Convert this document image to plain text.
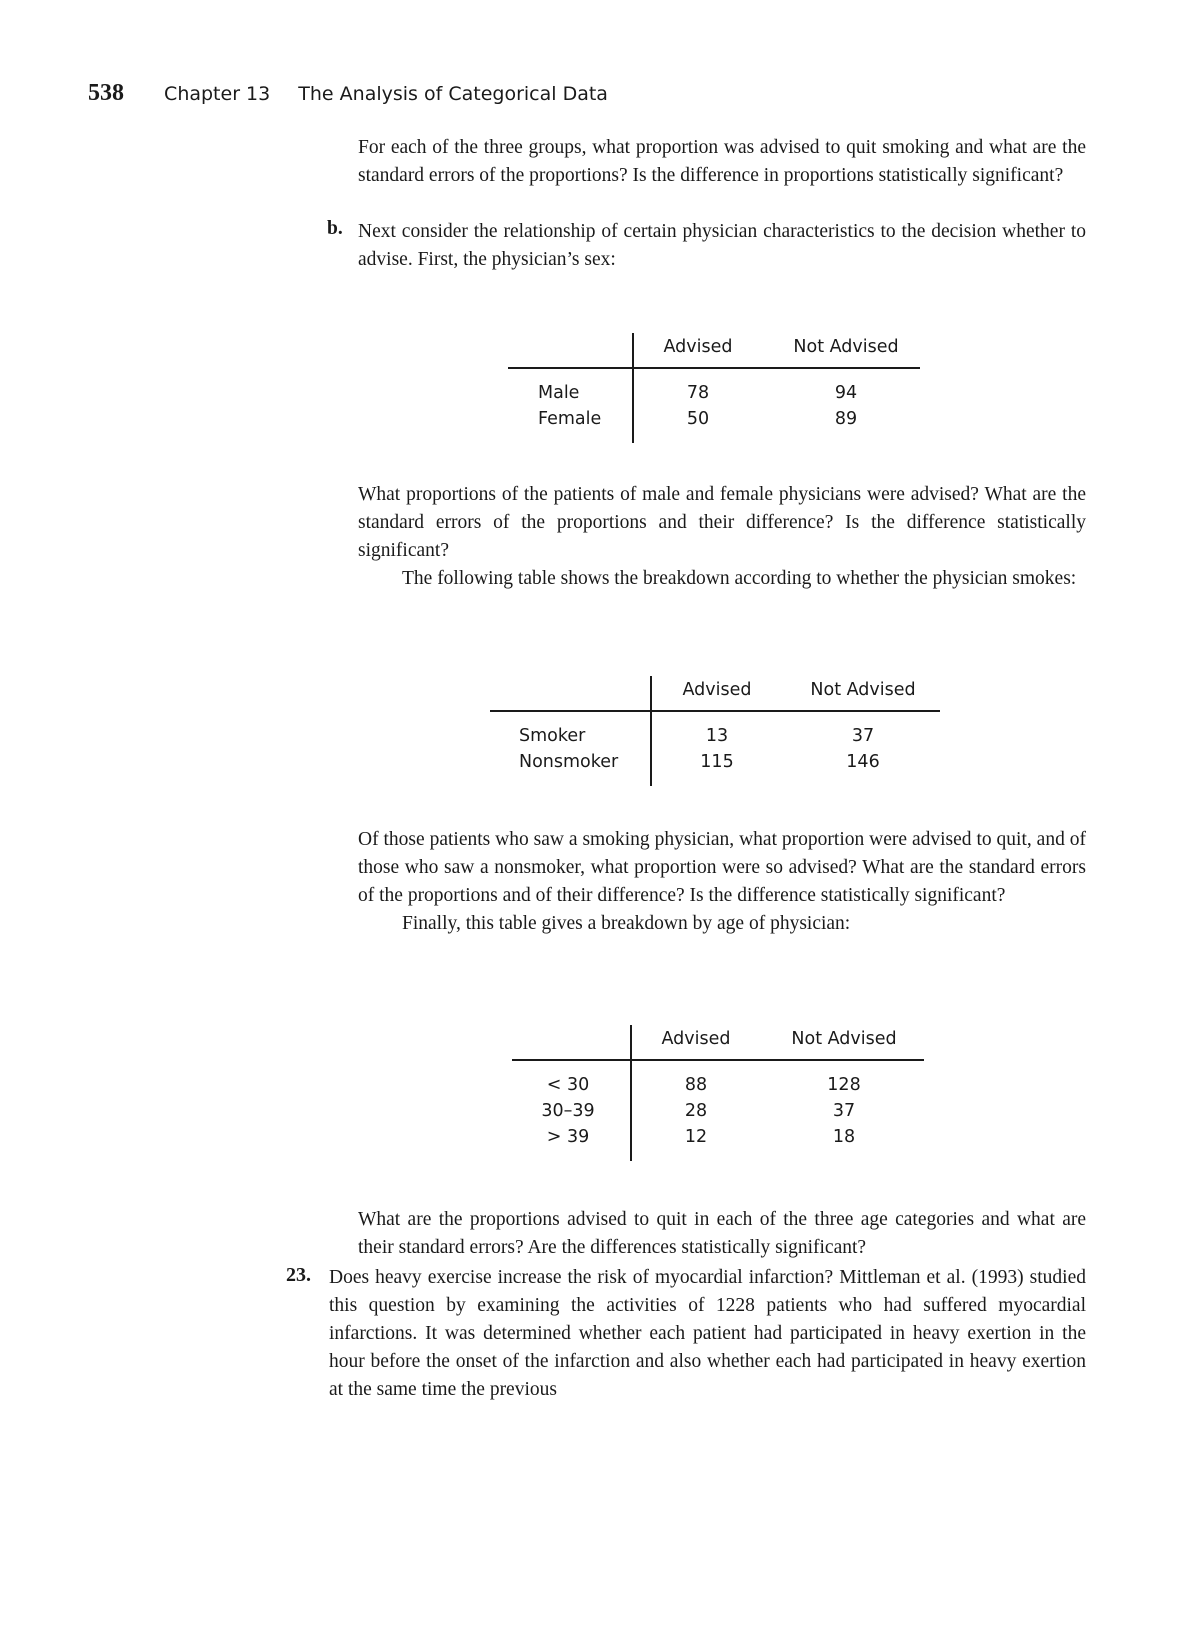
538 Chapter 13 The Analysis of Categorical Data

For each of the three groups, what proportion was advised to quit smoking and what are the standard errors of the proportions? Is the difference in proportions statistically significant?

b. Next consider the relationship of certain physician characteristics to the decision whether to advise. First, the physician’s sex:

Advised	Not Advised
Male	78	94
Female	50	89

What proportions of the patients of male and female physicians were advised? What are the standard errors of the proportions and their difference? Is the difference statistically significant?

The following table shows the breakdown according to whether the physician smokes:

Advised	Not Advised
Smoker	13	37
Nonsmoker	115	146

Of those patients who saw a smoking physician, what proportion were advised to quit, and of those who saw a nonsmoker, what proportion were so advised? What are the standard errors of the proportions and of their difference? Is the difference statistically significant?

Finally, this table gives a breakdown by age of physician:

Advised	Not Advised
< 30	88	128
30–39	28	37
> 39	12	18

What are the proportions advised to quit in each of the three age categories and what are their standard errors? Are the differences statistically significant?

23. Does heavy exercise increase the risk of myocardial infarction? Mittleman et al. (1993) studied this question by examining the activities of 1228 patients who had suffered myocardial infarctions. It was determined whether each patient had participated in heavy exertion in the hour before the onset of the infarction and also whether each had participated in heavy exertion at the same time the previous
